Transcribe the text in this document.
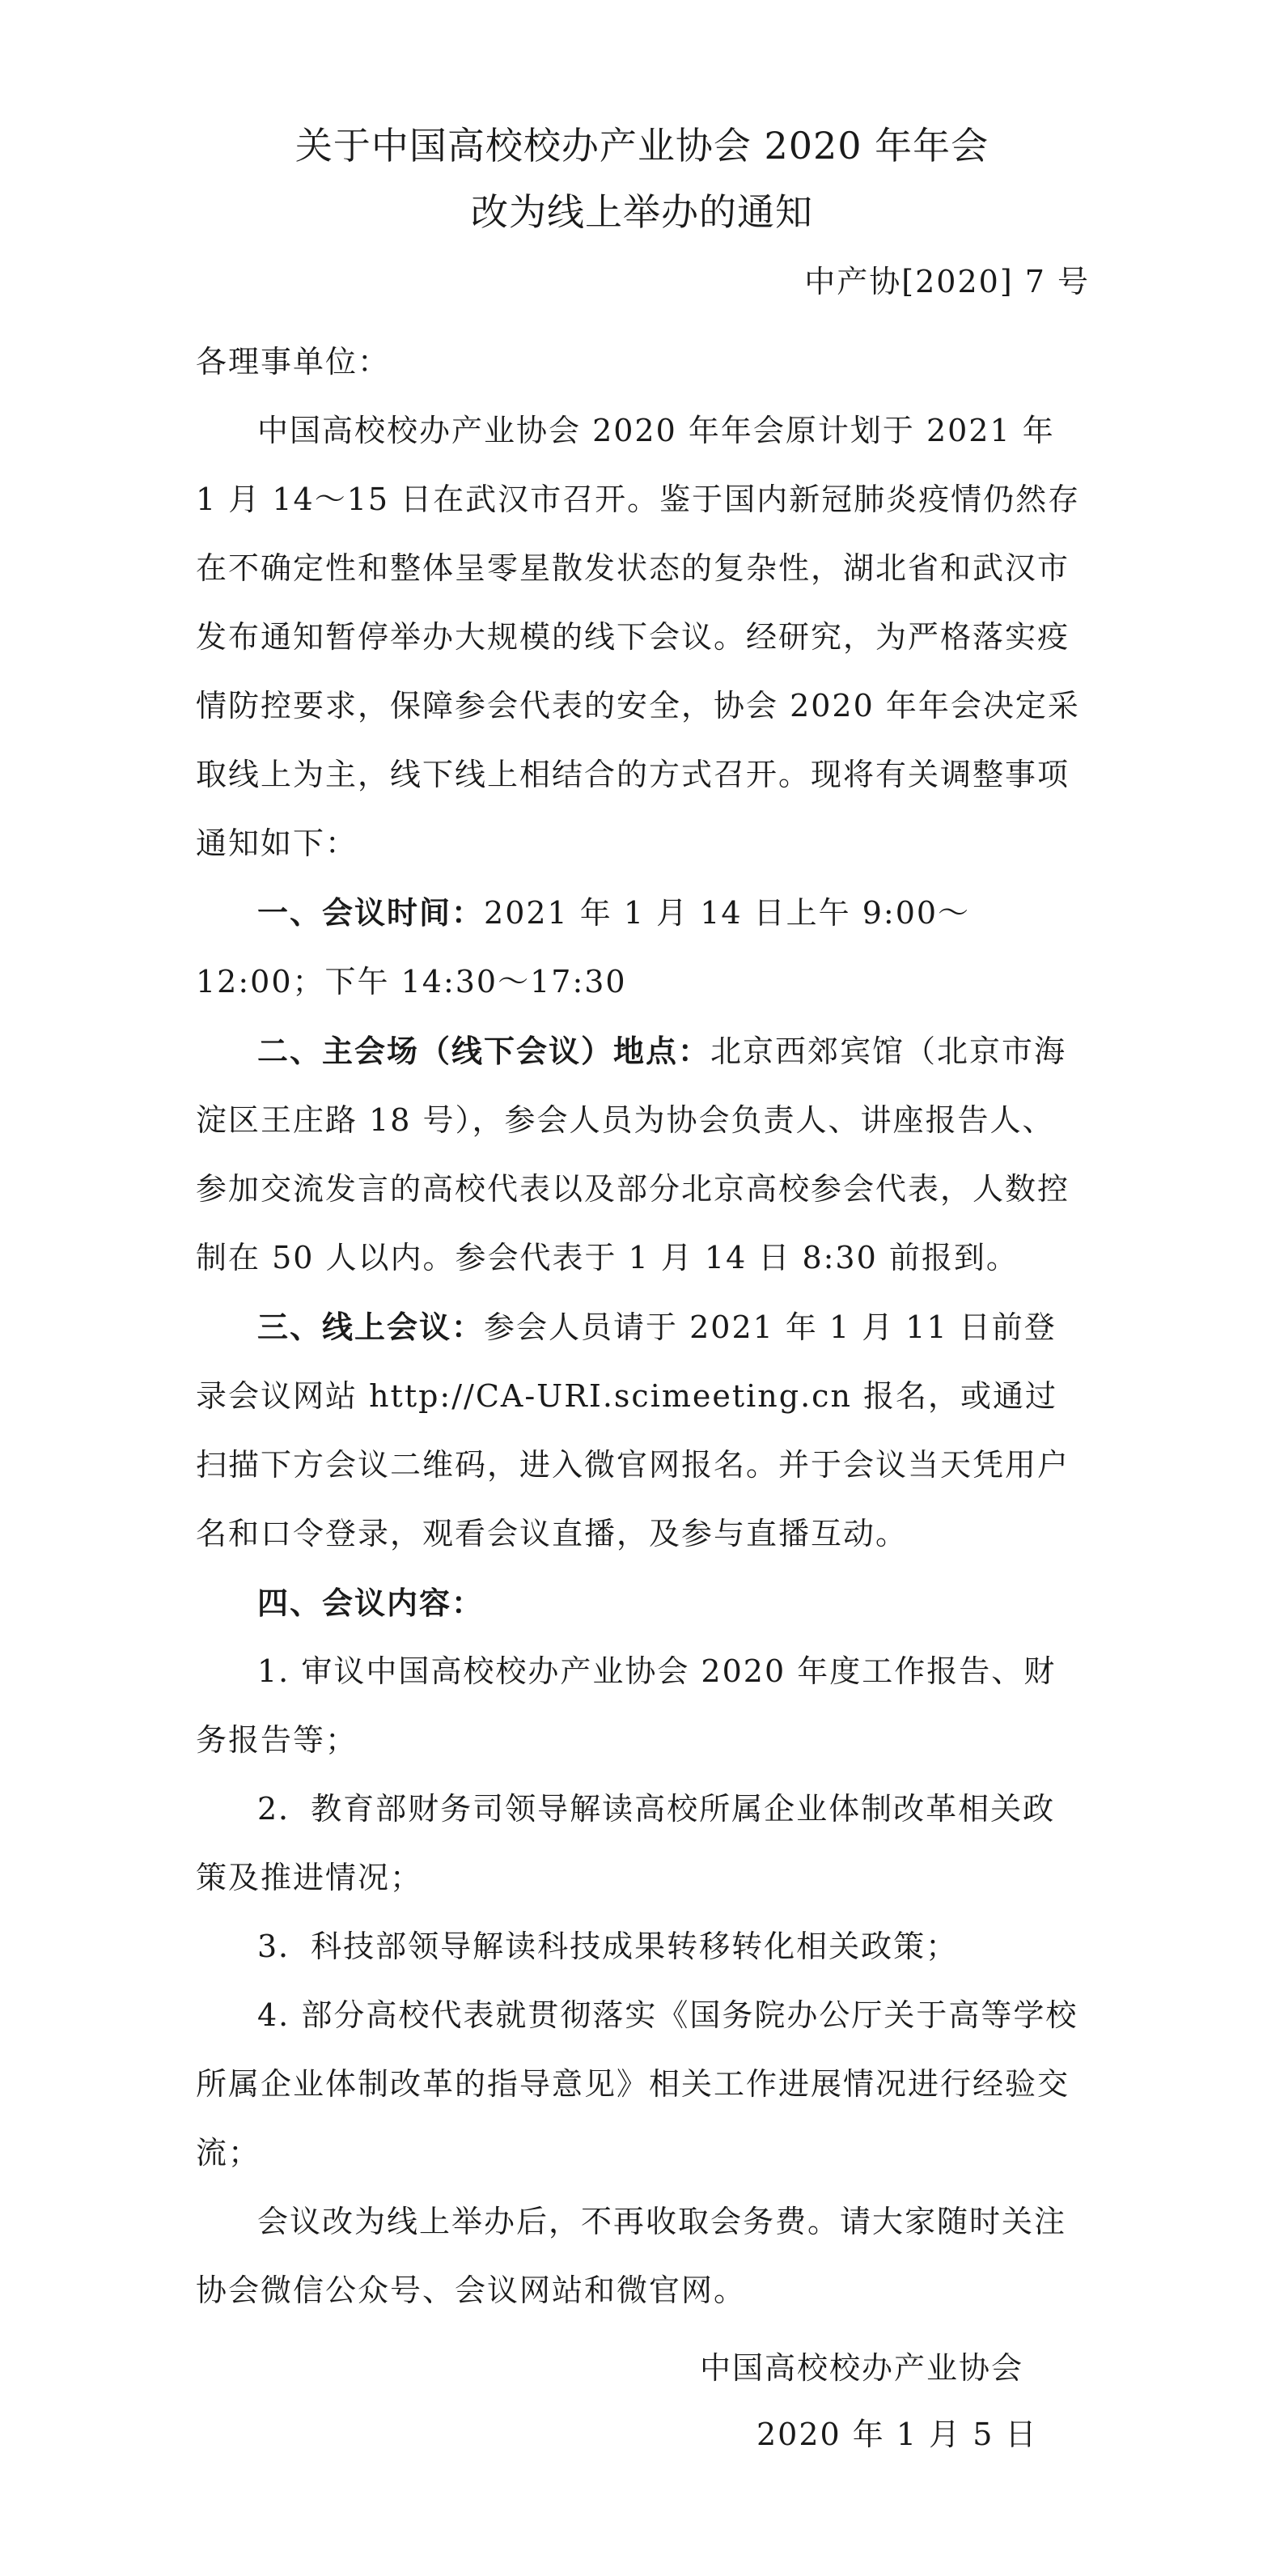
关于中国高校校办产业协会 2020 年年会
改为线上举办的通知
中产协[2020] 7 号

各理事单位：

中国高校校办产业协会 2020 年年会原计划于 2021 年 1 月 14～15 日在武汉市召开。鉴于国内新冠肺炎疫情仍然存在不确定性和整体呈零星散发状态的复杂性，湖北省和武汉市发布通知暂停举办大规模的线下会议。经研究，为严格落实疫情防控要求，保障参会代表的安全，协会 2020 年年会决定采取线上为主，线下线上相结合的方式召开。现将有关调整事项通知如下：

一、会议时间：2021 年 1 月 14 日上午 9:00～12:00；下午 14:30～17:30

二、主会场（线下会议）地点：北京西郊宾馆（北京市海淀区王庄路 18 号），参会人员为协会负责人、讲座报告人、参加交流发言的高校代表以及部分北京高校参会代表，人数控制在 50 人以内。参会代表于 1 月 14 日 8:30 前报到。

三、线上会议：参会人员请于 2021 年 1 月 11 日前登录会议网站 http://CA-URI.scimeeting.cn 报名，或通过扫描下方会议二维码，进入微官网报名。并于会议当天凭用户名和口令登录，观看会议直播，及参与直播互动。

四、会议内容：

1. 审议中国高校校办产业协会 2020 年度工作报告、财务报告等；

2．教育部财务司领导解读高校所属企业体制改革相关政策及推进情况；

3．科技部领导解读科技成果转移转化相关政策；

4. 部分高校代表就贯彻落实《国务院办公厅关于高等学校所属企业体制改革的指导意见》相关工作进展情况进行经验交流；

会议改为线上举办后，不再收取会务费。请大家随时关注协会微信公众号、会议网站和微官网。

中国高校校办产业协会
2020 年 1 月 5 日
